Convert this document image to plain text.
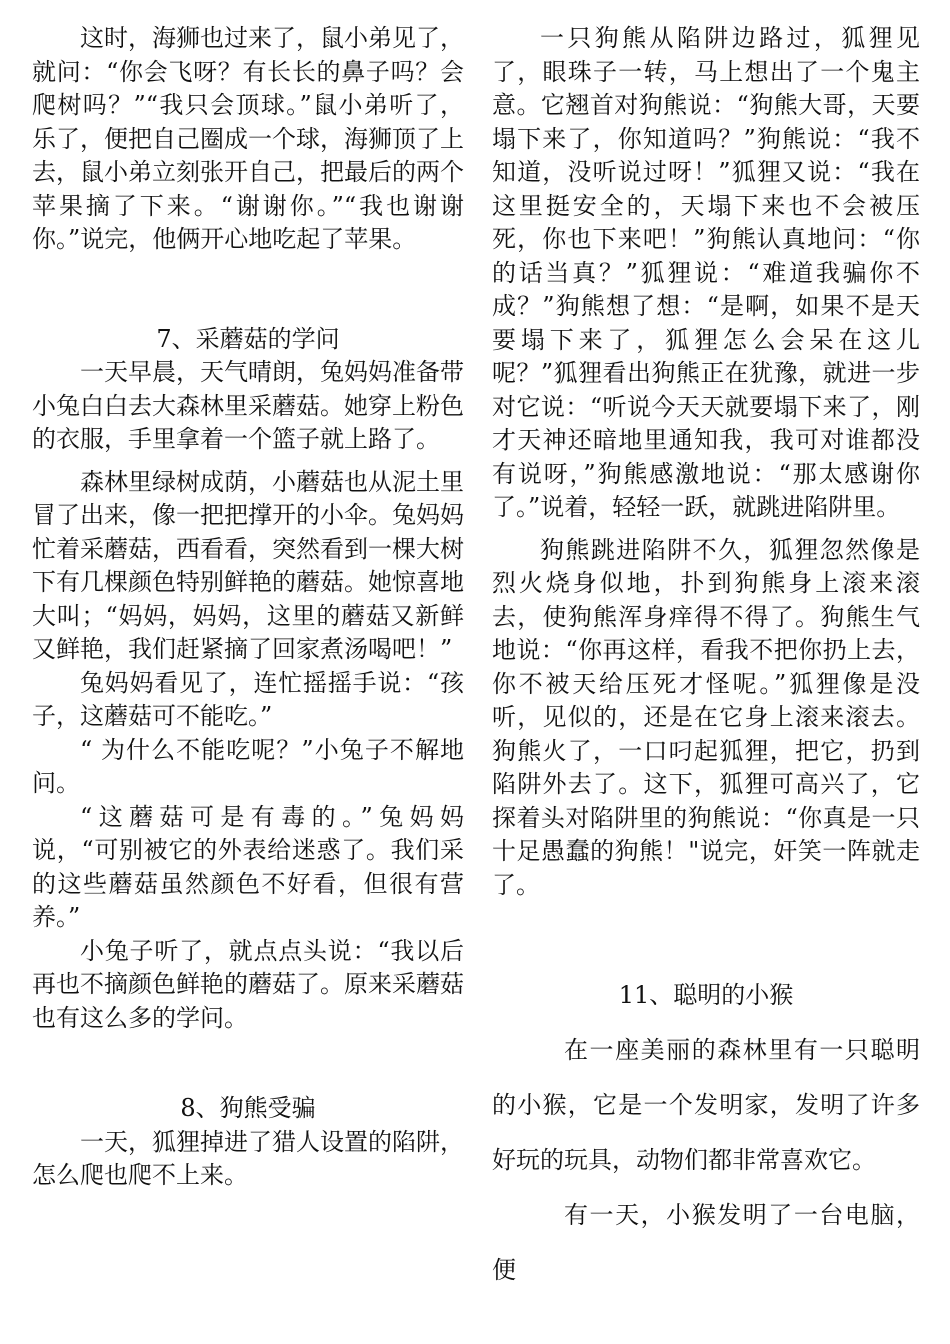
这时，海狮也过来了，鼠小弟见了，就问：“你会飞呀？有长长的鼻子吗？会爬树吗？”“我只会顶球。”鼠小弟听了，乐了，便把自己圈成一个球，海狮顶了上去，鼠小弟立刻张开自己，把最后的两个苹果摘了下来。“谢谢你。”“我也谢谢你。”说完，他俩开心地吃起了苹果。

7、采蘑菇的学问

一天早晨，天气晴朗，兔妈妈准备带小兔白白去大森林里采蘑菇。她穿上粉色的衣服，手里拿着一个篮子就上路了。

森林里绿树成荫，小蘑菇也从泥土里冒了出来，像一把把撑开的小伞。兔妈妈忙着采蘑菇，西看看，突然看到一棵大树下有几棵颜色特别鲜艳的蘑菇。她惊喜地大叫；“妈妈，妈妈，这里的蘑菇又新鲜又鲜艳，我们赶紧摘了回家煮汤喝吧！”

兔妈妈看见了，连忙摇摇手说：“孩子，这蘑菇可不能吃。”

“ 为什么不能吃呢？”小兔子不解地问。

“这蘑菇可是有毒的。”兔妈妈说，“可别被它的外表给迷惑了。我们采的这些蘑菇虽然颜色不好看，但很有营养。”

小兔子听了，就点点头说：“我以后再也不摘颜色鲜艳的蘑菇了。原来采蘑菇也有这么多的学问。

8、狗熊受骗

一天，狐狸掉进了猎人设置的陷阱，怎么爬也爬不上来。

一只狗熊从陷阱边路过，狐狸见了，眼珠子一转，马上想出了一个鬼主意。它翘首对狗熊说：“狗熊大哥，天要塌下来了，你知道吗？”狗熊说：“我不知道，没听说过呀！”狐狸又说：“我在这里挺安全的，天塌下来也不会被压死，你也下来吧！”狗熊认真地问：“你的话当真？”狐狸说：“难道我骗你不成？”狗熊想了想：“是啊，如果不是天要塌下来了，狐狸怎么会呆在这儿呢？”狐狸看出狗熊正在犹豫，就进一步对它说：“听说今天天就要塌下来了，刚才天神还暗地里通知我，我可对谁都没有说呀，”狗熊感激地说：“那太感谢你了。”说着，轻轻一跃，就跳进陷阱里。

狗熊跳进陷阱不久，狐狸忽然像是烈火烧身似地，扑到狗熊身上滚来滚去，使狗熊浑身痒得不得了。狗熊生气地说：“你再这样，看我不把你扔上去，你不被天给压死才怪呢。”狐狸像是没听，见似的，还是在它身上滚来滚去。狗熊火了，一口叼起狐狸，把它，扔到陷阱外去了。这下，狐狸可高兴了，它探着头对陷阱里的狗熊说：“你真是一只十足愚蠢的狗熊！"说完，奸笑一阵就走了。

11、聪明的小猴

在一座美丽的森林里有一只聪明的小猴，它是一个发明家，发明了许多好玩的玩具，动物们都非常喜欢它。

有一天，小猴发明了一台电脑，便
